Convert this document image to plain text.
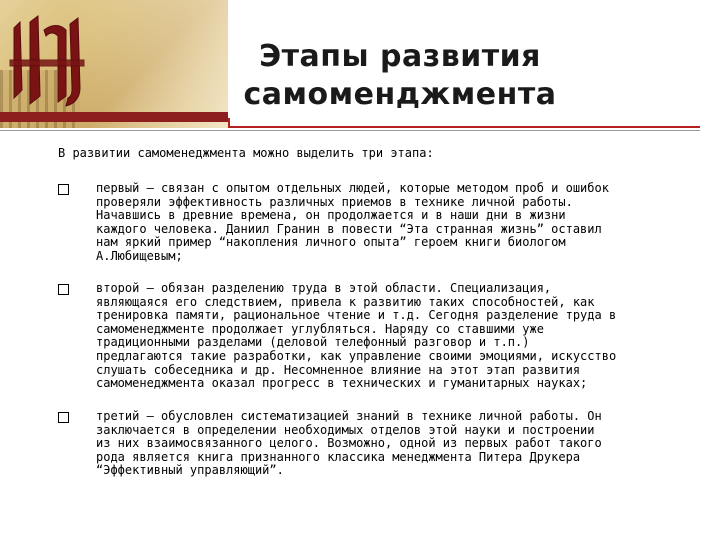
Этапы развития
самоменджмента
В развитии самоменеджмента можно выделить три этапа:
первый – связан с опытом отдельных людей, которые методом проб и ошибок
проверяли эффективность различных приемов в технике личной работы.
Начавшись в древние времена, он продолжается и в наши дни в жизни
каждого человека. Даниил Гранин в повести “Эта странная жизнь” оставил
нам яркий пример “накопления личного опыта” героем книги биологом
А.Любищевым;
второй – обязан разделению труда в этой области. Специализация,
являющаяся его следствием, привела к развитию таких способностей, как
тренировка памяти, рациональное чтение и т.д. Сегодня разделение труда в
самоменеджменте продолжает углубляться. Наряду со ставшими уже
традиционными разделами (деловой телефонный разговор и т.п.)
предлагаются такие разработки, как управление своими эмоциями, искусство
слушать собеседника и др. Несомненное влияние на этот этап развития
самоменеджмента оказал прогресс в технических и гуманитарных науках;
третий – обусловлен систематизацией знаний в технике личной работы. Он
заключается в определении необходимых отделов этой науки и построении
из них взаимосвязанного целого. Возможно, одной из первых работ такого
рода является книга признанного классика менеджмента Питера Друкера
“Эффективный управляющий”.
